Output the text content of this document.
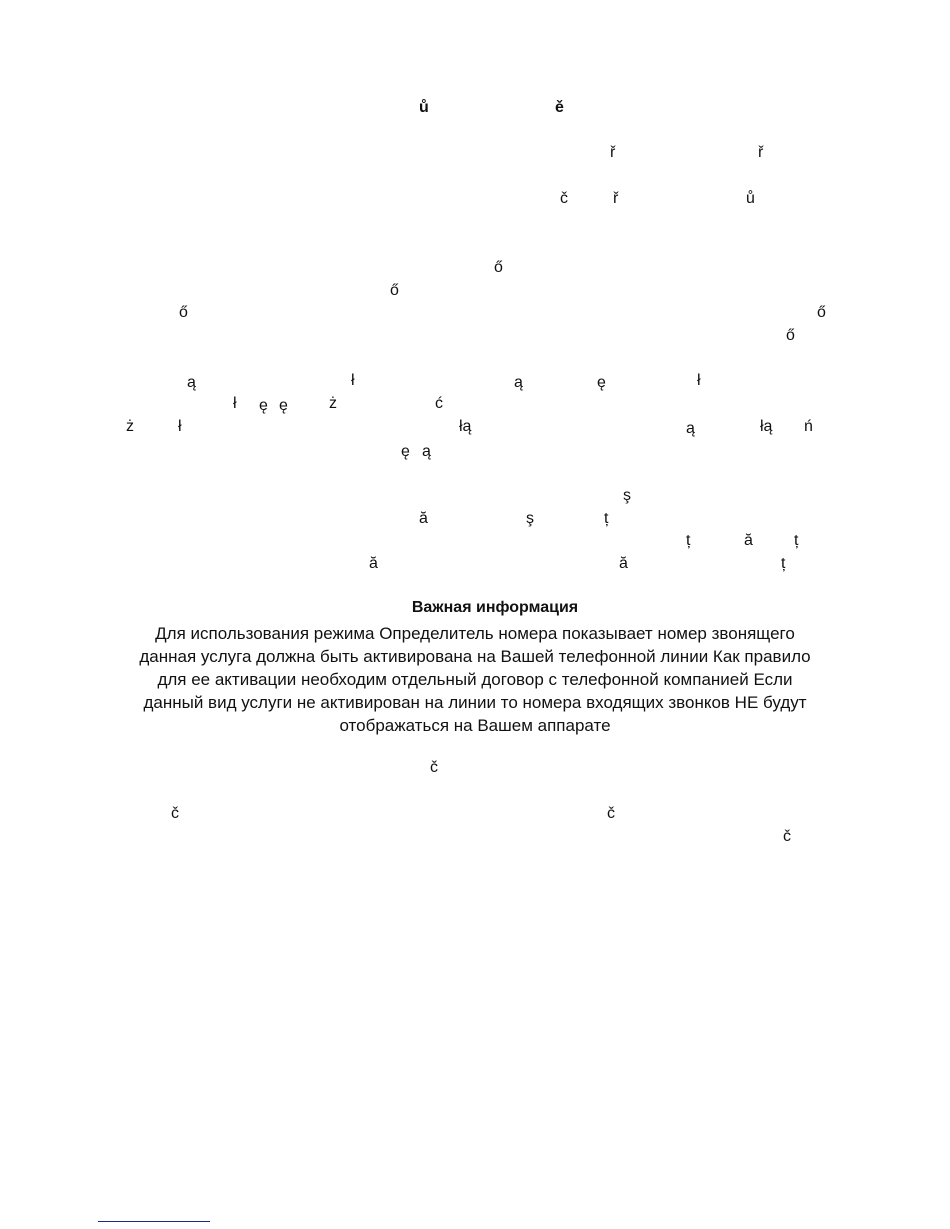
ů	ě
ř	ř
č	ř	ů
ő
ő
ő	ő
ő
ą	ł	ą	ę	ł
ł ę ę	ż	ć
ż	ł	łą	ą	łą ń
ę ą
ş
ă	ş	ț
ț	ă	ț
ă	ă	ț
Важная информация
Для использования режима Определитель номера показывает номер звонящего
данная услуга должна быть активирована на Вашей телефонной линии Как правило
для ее активации необходим отдельный договор с телефонной компанией Если
данный вид услуги не активирован на линии то номера входящих звонков НЕ будут
отображаться на Вашем аппарате
č
č	č
č
